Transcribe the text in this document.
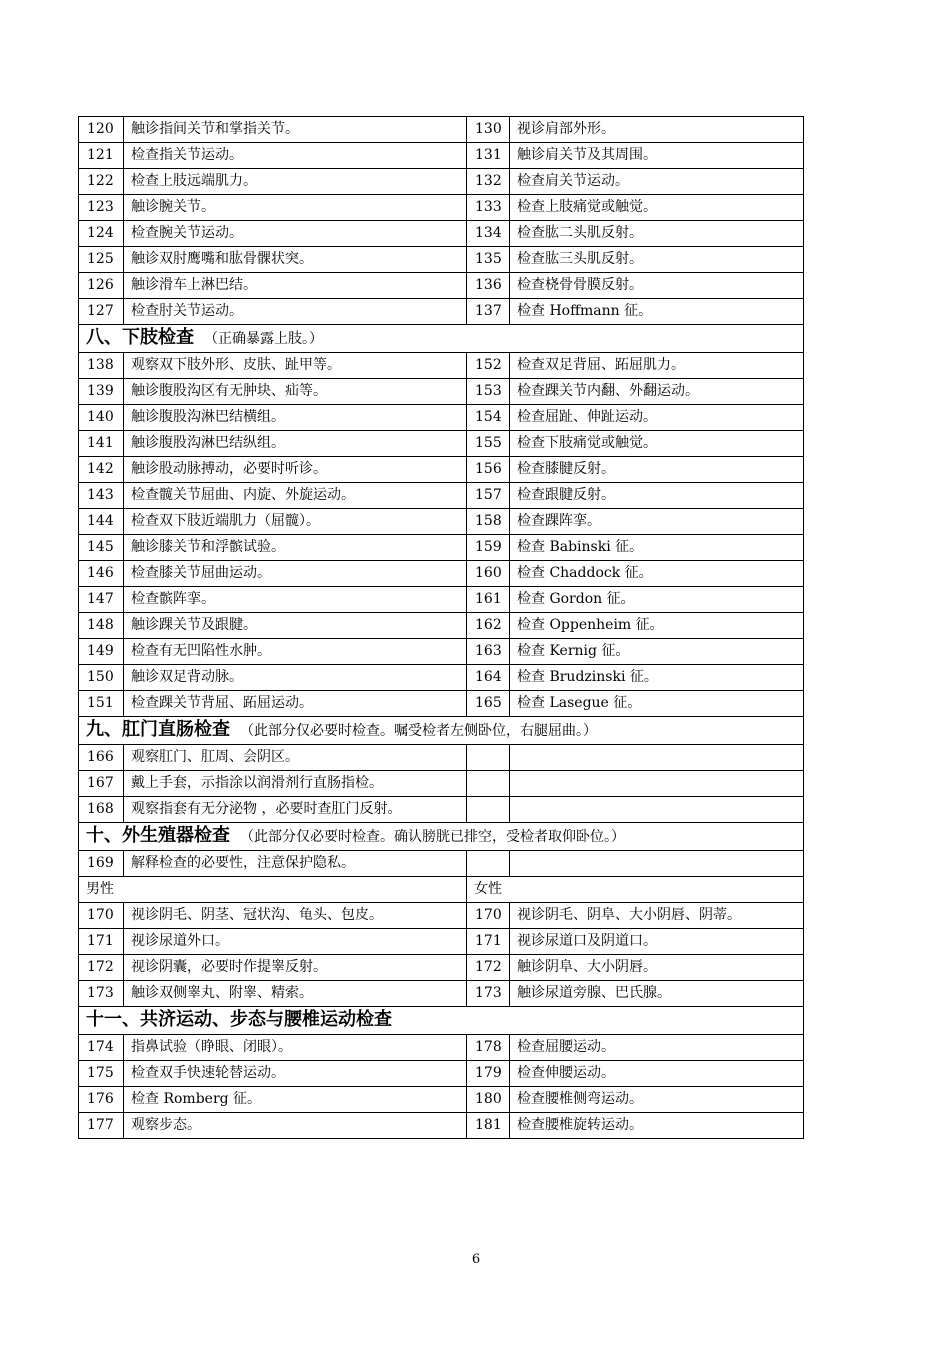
120	触诊指间关节和掌指关节。	130	视诊肩部外形。
121	检查指关节运动。	131	触诊肩关节及其周围。
122	检查上肢远端肌力。	132	检查肩关节运动。
123	触诊腕关节。	133	检查上肢痛觉或触觉。
124	检查腕关节运动。	134	检查肱二头肌反射。
125	触诊双肘鹰嘴和肱骨髁状突。	135	检查肱三头肌反射。
126	触诊滑车上淋巴结。	136	检查桡骨骨膜反射。
127	检查肘关节运动。	137	检查 Hoffmann 征。
八、下肢检查 （正确暴露上肢。）			
138	观察双下肢外形、皮肤、趾甲等。	152	检查双足背屈、跖屈肌力。
139	触诊腹股沟区有无肿块、疝等。	153	检查踝关节内翻、外翻运动。
140	触诊腹股沟淋巴结横组。	154	检查屈趾、伸趾运动。
141	触诊腹股沟淋巴结纵组。	155	检查下肢痛觉或触觉。
142	触诊股动脉搏动，必要时听诊。	156	检查膝腱反射。
143	检查髋关节屈曲、内旋、外旋运动。	157	检查跟腱反射。
144	检查双下肢近端肌力（屈髋）。	158	检查踝阵挛。
145	触诊膝关节和浮髌试验。	159	检查 Babinski 征。
146	检查膝关节屈曲运动。	160	检查 Chaddock 征。
147	检查髌阵挛。	161	检查 Gordon 征。
148	触诊踝关节及跟腱。	162	检查 Oppenheim 征。
149	检查有无凹陷性水肿。	163	检查 Kernig 征。
150	触诊双足背动脉。	164	检查 Brudzinski 征。
151	检查踝关节背屈、跖屈运动。	165	检查 Lasegue 征。
九、肛门直肠检查 （此部分仅必要时检查。嘱受检者左侧卧位，右腿屈曲。）			
166	观察肛门、肛周、会阴区。		
167	戴上手套，示指涂以润滑剂行直肠指检。		
168	观察指套有无分泌物 ，必要时查肛门反射。		
十、外生殖器检查 （此部分仅必要时检查。确认膀胱已排空，受检者取仰卧位。）			
169	解释检查的必要性，注意保护隐私。		
男性		女性	
170	视诊阴毛、阴茎、冠状沟、龟头、包皮。	170	视诊阴毛、阴阜、大小阴唇、阴蒂。
171	视诊尿道外口。	171	视诊尿道口及阴道口。
172	视诊阴囊，必要时作提睾反射。	172	触诊阴阜、大小阴唇。
173	触诊双侧睾丸、附睾、精索。	173	触诊尿道旁腺、巴氏腺。
十一、共济运动、步态与腰椎运动检查			
174	指鼻试验（睁眼、闭眼）。	178	检查屈腰运动。
175	检查双手快速轮替运动。	179	检查伸腰运动。
176	检查 Romberg 征。	180	检查腰椎侧弯运动。
177	观察步态。	181	检查腰椎旋转运动。
6
